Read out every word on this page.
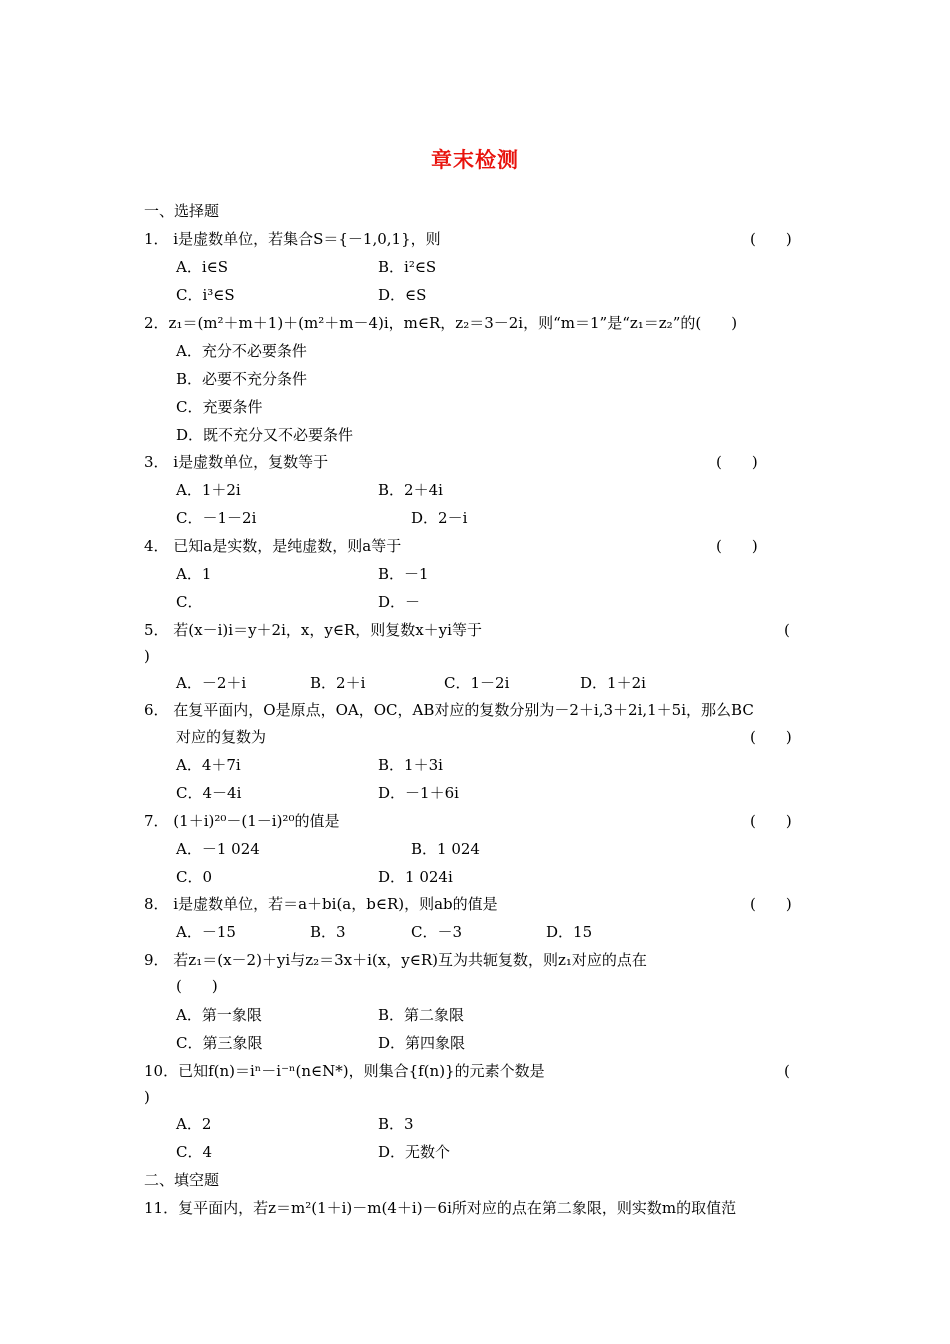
章末检测
一、选择题
1． i是虚数单位，若集合S＝{－1,0,1}，则	(　　)
A．i∈S	B．i²∈S
C．i³∈S	D．∈S
2．z₁＝(m²＋m＋1)＋(m²＋m－4)i，m∈R，z₂＝3－2i，则“m＝1”是“z₁＝z₂”的(　　)
A．充分不必要条件
B．必要不充分条件
C．充要条件
D．既不充分又不必要条件
3． i是虚数单位，复数等于	(　　)
A．1＋2i	B．2＋4i
C．－1－2i	D．2－i
4． 已知a是实数，是纯虚数，则a等于	(　　)
A．1	B．－1
C．	D．－
5． 若(x－i)i＝y＋2i，x，y∈R，则复数x＋yi等于	(
)
A．－2＋i	B．2＋i	C．1－2i	D．1＋2i
6． 在复平面内，O是原点，OA，OC，AB对应的复数分别为－2＋i,3＋2i,1＋5i，那么BC
对应的复数为	(　　)
A．4＋7i	B．1＋3i
C．4－4i	D．－1＋6i
7． (1＋i)²⁰－(1－i)²⁰的值是	(　　)
A．－1 024	B．1 024
C．0	D．1 024i
8． i是虚数单位，若＝a＋bi(a，b∈R)，则ab的值是	(　　)
A．－15	B．3	C．－3	D．15
9． 若z₁＝(x－2)＋yi与z₂＝3x＋i(x，y∈R)互为共轭复数，则z₁对应的点在
(　　)
A．第一象限	B．第二象限
C．第三象限	D．第四象限
10．已知f(n)＝iⁿ－i⁻ⁿ(n∈N*)，则集合{f(n)}的元素个数是	(
)
A．2	B．3
C．4	D．无数个
二、填空题
11．复平面内，若z＝m²(1＋i)－m(4＋i)－6i所对应的点在第二象限，则实数m的取值范
